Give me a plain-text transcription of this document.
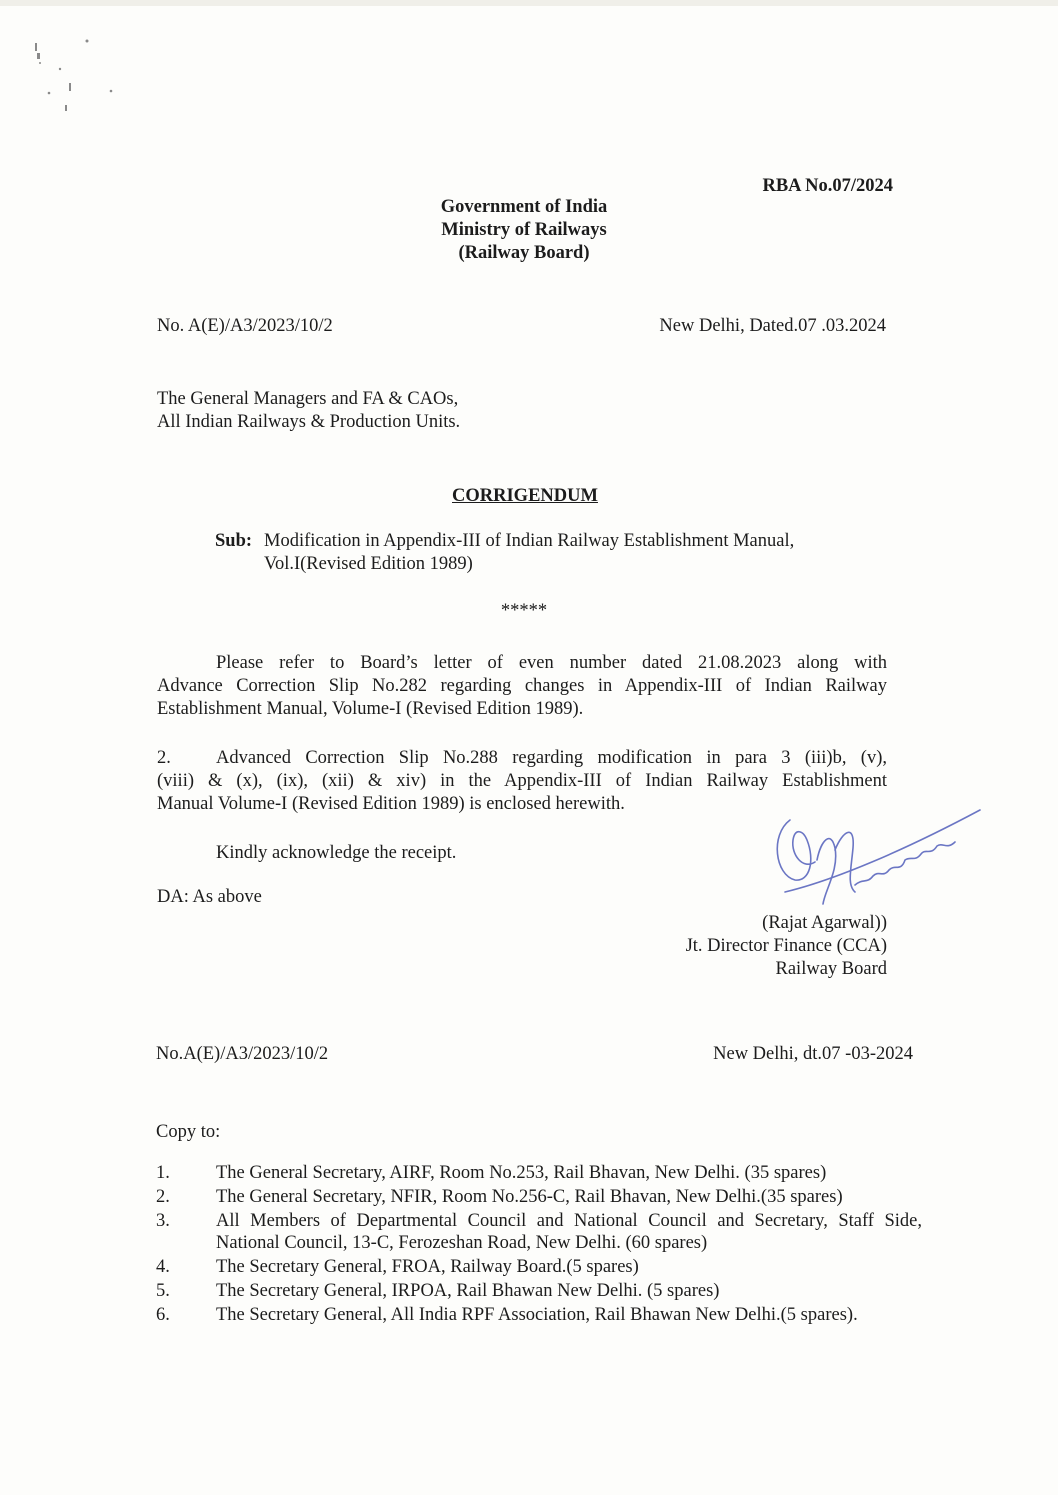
RBA No.07/2024
Government of India
Ministry of Railways
(Railway Board)
No. A(E)/A3/2023/10/2	New Delhi, Dated.07 .03.2024
The General Managers and FA & CAOs,
All Indian Railways & Production Units.
CORRIGENDUM
Sub: Modification in Appendix-III of Indian Railway Establishment Manual,
Vol.I(Revised Edition 1989)
*****
Please refer to Board’s letter of even number dated 21.08.2023 along with
Advance Correction Slip No.282 regarding changes in Appendix-III of Indian Railway
Establishment Manual, Volume-I (Revised Edition 1989).
2. Advanced Correction Slip No.288 regarding modification in para 3 (iii)b, (v),
(viii) & (x), (ix), (xii) & xiv) in the Appendix-III of Indian Railway Establishment
Manual Volume-I (Revised Edition 1989) is enclosed herewith.
Kindly acknowledge the receipt.
DA: As above
(Rajat Agarwal))
Jt. Director Finance (CCA)
Railway Board
No.A(E)/A3/2023/10/2	New Delhi, dt.07 -03-2024
Copy to:
1.	The General Secretary, AIRF, Room No.253, Rail Bhavan, New Delhi. (35 spares)
2.	The General Secretary, NFIR, Room No.256-C, Rail Bhavan, New Delhi.(35 spares)
3.	All Members of Departmental Council and National Council and Secretary, Staff Side, National Council, 13-C, Ferozeshan Road, New Delhi. (60 spares)
4.	The Secretary General, FROA, Railway Board.(5 spares)
5.	The Secretary General, IRPOA, Rail Bhawan New Delhi. (5 spares)
6.	The Secretary General, All India RPF Association, Rail Bhawan New Delhi.(5 spares).
